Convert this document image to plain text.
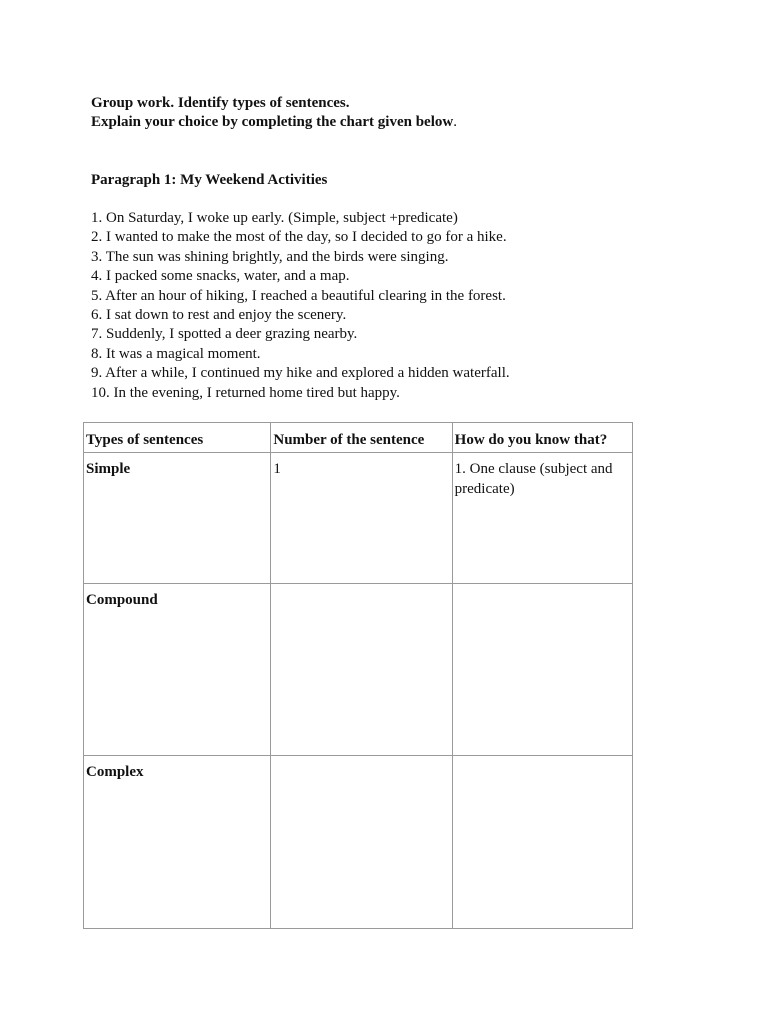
Group work. Identify types of sentences.
Explain your choice by completing the chart given below.
Paragraph 1: My Weekend Activities
1. On Saturday, I woke up early. (Simple, subject +predicate)
2. I wanted to make the most of the day, so I decided to go for a hike.
3. The sun was shining brightly, and the birds were singing.
4. I packed some snacks, water, and a map.
5. After an hour of hiking, I reached a beautiful clearing in the forest.
6. I sat down to rest and enjoy the scenery.
7. Suddenly, I spotted a deer grazing nearby.
8. It was a magical moment.
9. After a while, I continued my hike and explored a hidden waterfall.
10. In the evening, I returned home tired but happy.
Types of sentences	Number of the sentence	How do you know that?
Simple	1	1. One clause (subject and predicate)
Compound		
Complex		
